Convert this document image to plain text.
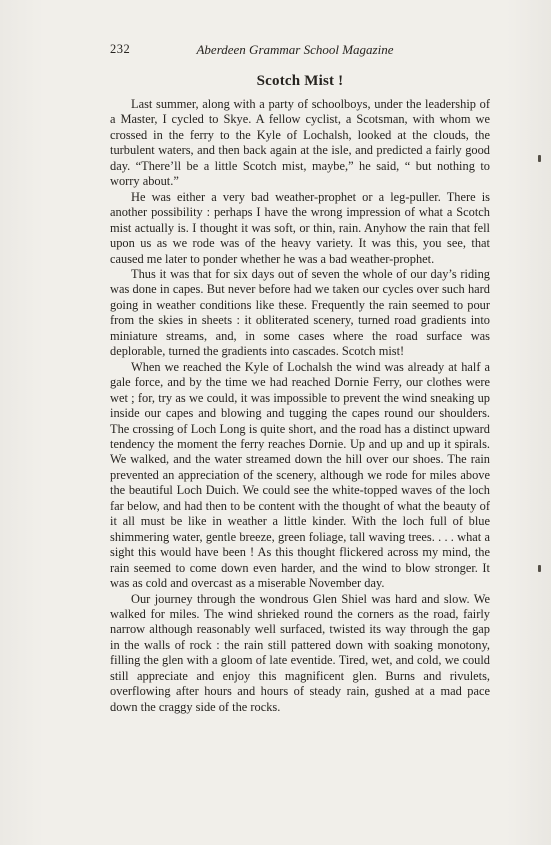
232	Aberdeen Grammar School Magazine
Scotch Mist !

Last summer, along with a party of schoolboys, under the leadership of a Master, I cycled to Skye. A fellow cyclist, a Scotsman, with whom we crossed in the ferry to the Kyle of Lochalsh, looked at the clouds, the turbulent waters, and then back again at the isle, and predicted a fairly good day. “There’ll be a little Scotch mist, maybe,” he said, “ but nothing to worry about.”

He was either a very bad weather-prophet or a leg-puller. There is another possibility : perhaps I have the wrong impression of what a Scotch mist actually is. I thought it was soft, or thin, rain. Anyhow the rain that fell upon us as we rode was of the heavy variety. It was this, you see, that caused me later to ponder whether he was a bad weather-prophet.

Thus it was that for six days out of seven the whole of our day’s riding was done in capes. But never before had we taken our cycles over such hard going in weather conditions like these. Frequently the rain seemed to pour from the skies in sheets : it obliterated scenery, turned road gradients into miniature streams, and, in some cases where the road surface was deplorable, turned the gradients into cascades. Scotch mist!

When we reached the Kyle of Lochalsh the wind was already at half a gale force, and by the time we had reached Dornie Ferry, our clothes were wet ; for, try as we could, it was impossible to prevent the wind sneaking up inside our capes and blowing and tugging the capes round our shoulders. The crossing of Loch Long is quite short, and the road has a distinct upward tendency the moment the ferry reaches Dornie. Up and up and up it spirals. We walked, and the water streamed down the hill over our shoes. The rain prevented an appreciation of the scenery, although we rode for miles above the beautiful Loch Duich. We could see the white-topped waves of the loch far below, and had then to be content with the thought of what the beauty of it all must be like in weather a little kinder. With the loch full of blue shimmering water, gentle breeze, green foliage, tall waving trees. . . . what a sight this would have been ! As this thought flickered across my mind, the rain seemed to come down even harder, and the wind to blow stronger. It was as cold and overcast as a miserable November day.

Our journey through the wondrous Glen Shiel was hard and slow. We walked for miles. The wind shrieked round the corners as the road, fairly narrow although reasonably well surfaced, twisted its way through the gap in the walls of rock : the rain still pattered down with soaking monotony, filling the glen with a gloom of late eventide. Tired, wet, and cold, we could still appreciate and enjoy this magnificent glen. Burns and rivulets, overflowing after hours and hours of steady rain, gushed at a mad pace down the craggy side of the rocks.
